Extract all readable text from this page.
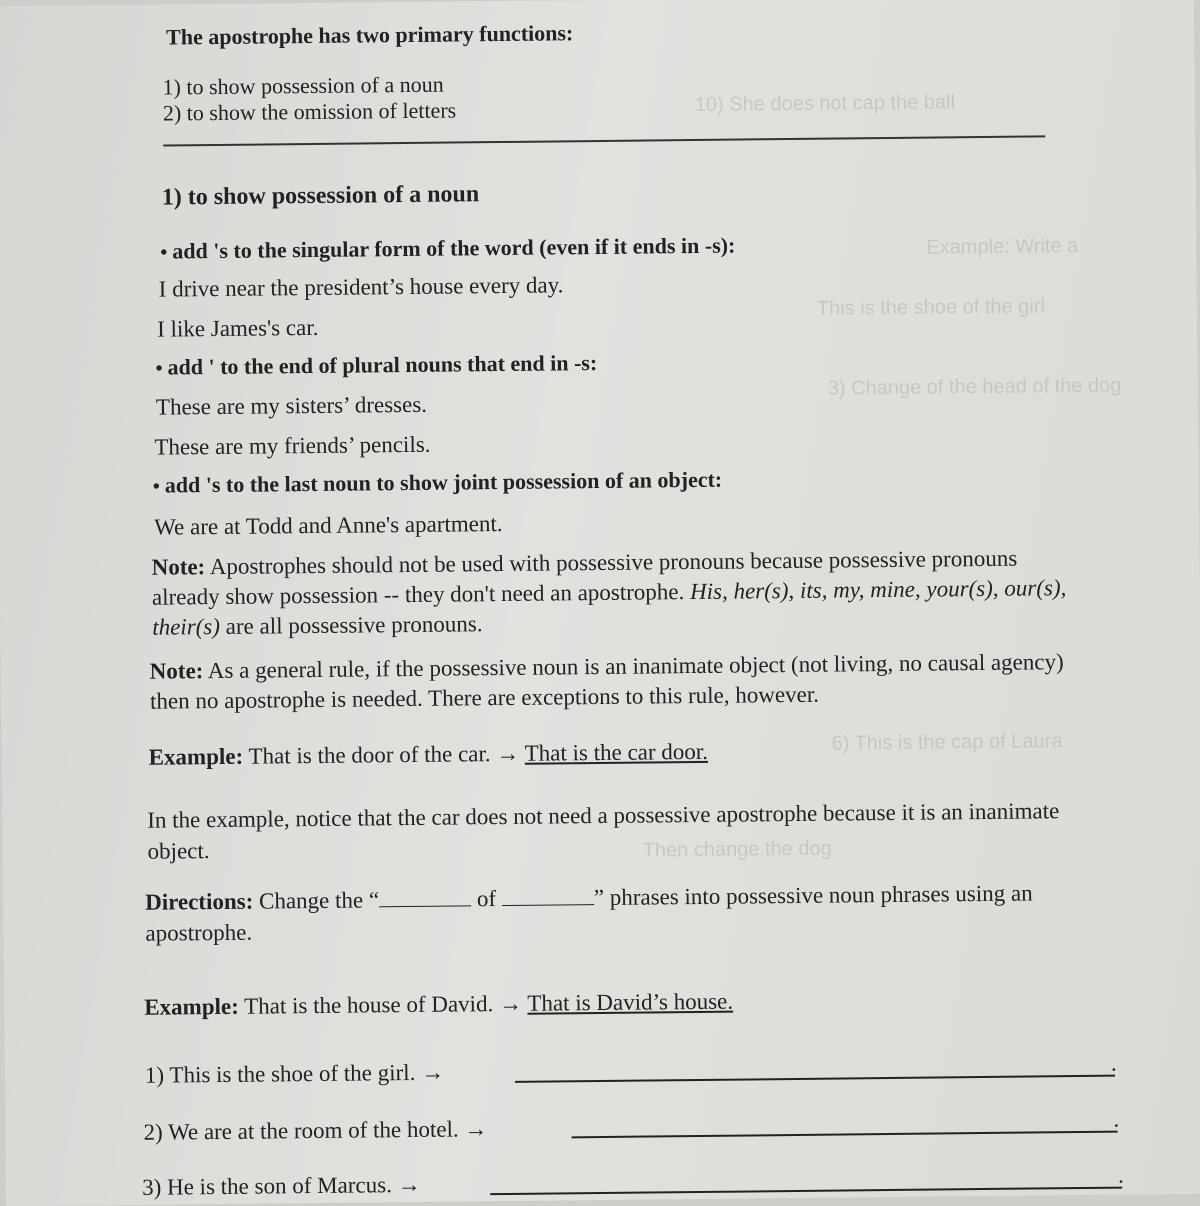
10) She does not cap the ball
Example: Write a
This is the shoe of the girl
3) Change of the head of the dog
6) This is the cap of Laura
Then change the dog
The apostrophe has two primary functions:
1) to show possession of a noun
2) to show the omission of letters
1) to show possession of a noun
• add 's to the singular form of the word (even if it ends in -s):
I drive near the president’s house every day.
I like James's car.
• add ' to the end of plural nouns that end in -s:
These are my sisters’ dresses.
These are my friends’ pencils.
• add 's to the last noun to show joint possession of an object:
We are at Todd and Anne's apartment.
Note: Apostrophes should not be used with possessive pronouns because possessive pronouns already show possession -- they don't need an apostrophe. His, her(s), its, my, mine, your(s), our(s), their(s) are all possessive pronouns.
Note: As a general rule, if the possessive noun is an inanimate object (not living, no causal agency) then no apostrophe is needed. There are exceptions to this rule, however.
Example: That is the door of the car. → That is the car door.
In the example, notice that the car does not need a possessive apostrophe because it is an inanimate object.
Directions: Change the “	of	” phrases into possessive noun phrases using an apostrophe.
Example: That is the house of David. → That is David’s house.
1) This is the shoe of the girl. →	.
2) We are at the room of the hotel. →	.
3) He is the son of Marcus. →	.
